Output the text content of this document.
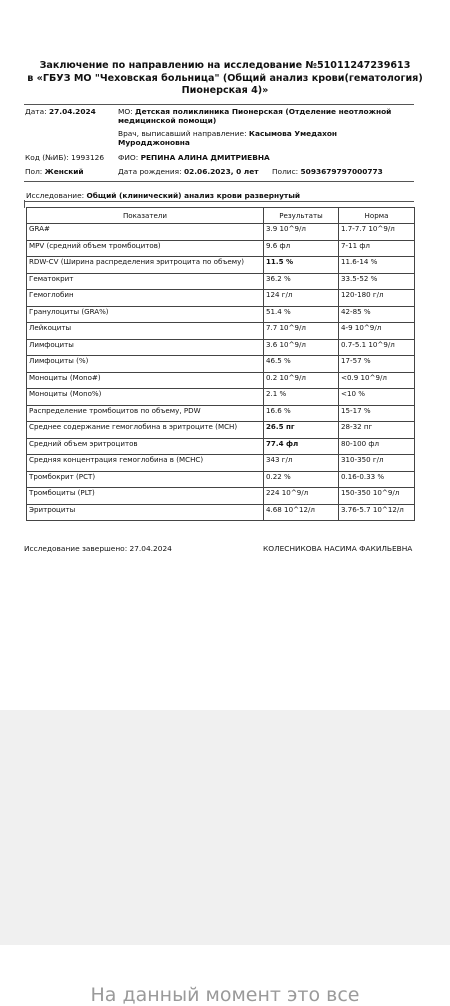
Заключение по направлению на исследование №51011247239613
в «ГБУЗ МО "Чеховская больница" (Общий анализ крови(гематология)
Пионерская 4)»
Дата: 27.04.2024	МО: Детская поликлиника Пионерская (Отделение неотложной
медицинской помощи)
Врач, выписавший направление: Касымова Умедахон
Муродджоновна
Код (№ИБ): 1993126 ФИО: РЕПИНА АЛИНА ДМИТРИЕВНА
Пол: Женский	Дата рождения: 02.06.2023, 0 лет Полис: 5093679797000773
Исследование: Общий (клинический) анализ крови развернутый
Показатели	Результаты	Норма
GRA#	3.9 10^9/л	1.7-7.7 10^9/л
MPV (средний объем тромбоцитов)	9.6 фл	7-11 фл
RDW-CV (Ширина распределения эритроцита по объему)	11.5 %	11.6-14 %
Гематокрит	36.2 %	33.5-52 %
Гемоглобин	124 г/л	120-180 г/л
Гранулоциты (GRA%)	51.4 %	42-85 %
Лейкоциты	7.7 10^9/л	4-9 10^9/л
Лимфоциты	3.6 10^9/л	0.7-5.1 10^9/л
Лимфоциты (%)	46.5 %	17-57 %
Моноциты (Mono#)	0.2 10^9/л	<0.9 10^9/л
Моноциты (Mono%)	2.1 %	<10 %
Распределение тромбоцитов по объему, PDW	16.6 %	15-17 %
Среднее содержание гемоглобина в эритроците (MCH)	26.5 пг	28-32 пг
Средний объем эритроцитов	77.4 фл	80-100 фл
Средняя концентрация гемоглобина в (MCHC)	343 г/л	310-350 г/л
Тромбокрит (PCT)	0.22 %	0.16-0.33 %
Тромбоциты (PLT)	224 10^9/л	150-350 10^9/л
Эритроциты	4.68 10^12/л	3.76-5.7 10^12/л
Исследование завершено: 27.04.2024	КОЛЕСНИКОВА НАСИМА ФАКИЛЬЕВНА
На данный момент это все
